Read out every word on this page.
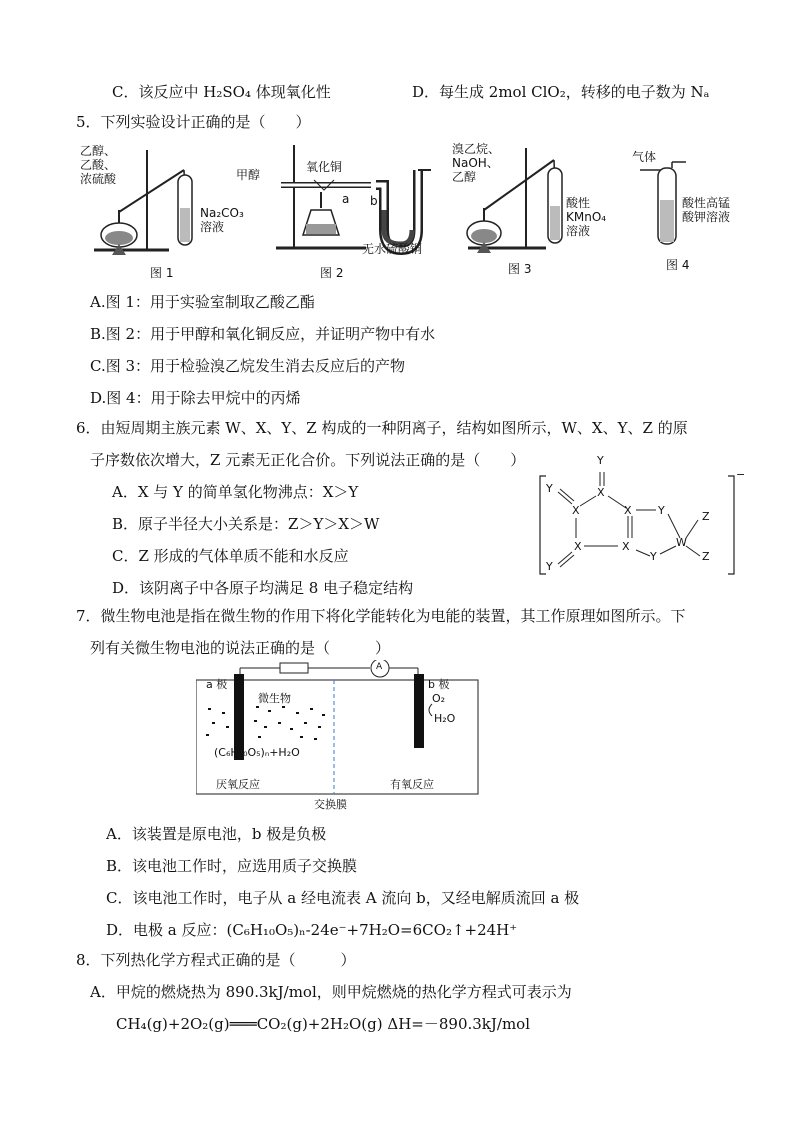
C．该反应中 H₂SO₄ 体现氧化性	D．每生成 2mol ClO₂，转移的电子数为 Nₐ
5．下列实验设计正确的是（　　）
乙醇、
乙酸、
浓硫酸
Na₂CO₃
溶液
图 1
甲醇
氧化铜
a b
无水硫酸铜
图 2
溴乙烷、
NaOH、
乙醇
酸性
KMnO₄
溶液
图 3
气体
酸性高锰
酸钾溶液
图 4
A.图 1：用于实验室制取乙酸乙酯
B.图 2：用于甲醇和氧化铜反应，并证明产物中有水
C.图 3：用于检验溴乙烷发生消去反应后的产物
D.图 4：用于除去甲烷中的丙烯
6．由短周期主族元素 W、X、Y、Z 构成的一种阴离子，结构如图所示，W、X、Y、Z 的原
子序数依次增大，Z 元素无正化合价。下列说法正确的是（　　）
A．X 与 Y 的简单氢化物沸点：X＞Y
B．原子半径大小关系是：Z＞Y＞X＞W
C．Z 形成的气体单质不能和水反应
D．该阴离子中各原子均满足 8 电子稳定结构
Y
X
Y
X	X Y	Z
X	X	W
Y	Z
Y
−
7．微生物电池是指在微生物的作用下将化学能转化为电能的装置，其工作原理如图所示。下
列有关微生物电池的说法正确的是（　　　）
a 极	b 极
A
微生物	O₂
H₂O
(C₆H₁₀O₅)ₙ+H₂O
厌氧反应	有氧反应
交换膜
A．该装置是原电池，b 极是负极
B．该电池工作时，应选用质子交换膜
C．该电池工作时，电子从 a 经电流表 A 流向 b，又经电解质流回 a 极
D．电极 a 反应：(C₆H₁₀O₅)ₙ-24e⁻+7H₂O=6CO₂↑+24H⁺
8．下列热化学方程式正确的是（　　　）
A．甲烷的燃烧热为 890.3kJ/mol，则甲烷燃烧的热化学方程式可表示为
CH₄(g)+2O₂(g)═══CO₂(g)+2H₂O(g) ΔH=－890.3kJ/mol
